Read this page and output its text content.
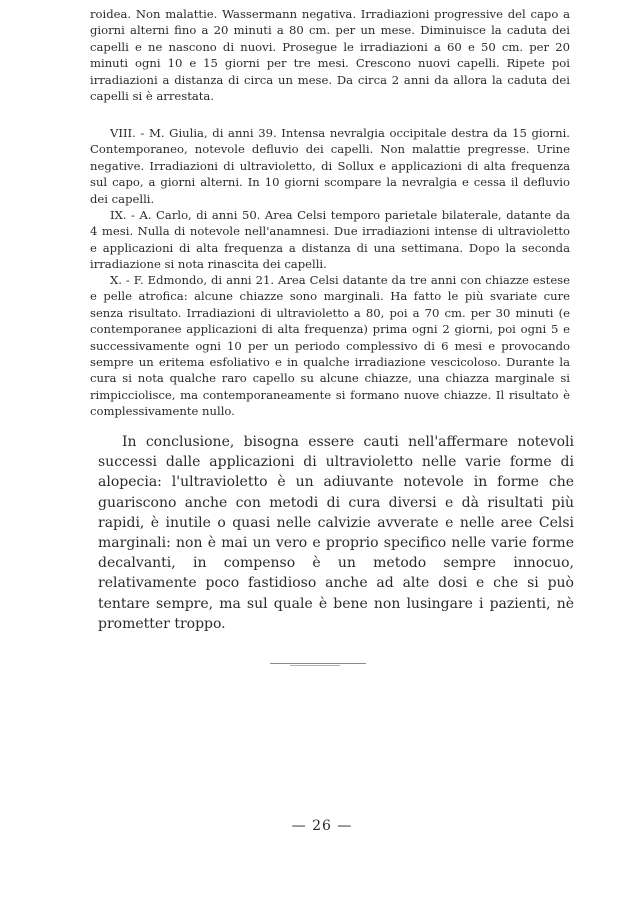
roidea. Non malattie. Wassermann negativa. Irradiazioni progressive del capo a giorni alterni fino a 20 minuti a 80 cm. per un mese. Diminuisce la caduta dei capelli e ne nascono di nuovi. Prosegue le irradiazioni a 60 e 50 cm. per 20 minuti ogni 10 e 15 giorni per tre mesi. Crescono nuovi capelli. Ripete poi irradiazioni a distanza di circa un mese. Da circa 2 anni da allora la caduta dei capelli si è arrestata.

VIII. - M. Giulia, di anni 39. Intensa nevralgia occipitale destra da 15 giorni. Contemporaneo, notevole defluvio dei capelli. Non malattie pregresse. Urine negative. Irradiazioni di ultravioletto, di Sollux e applicazioni di alta frequenza sul capo, a giorni alterni. In 10 giorni scompare la nevralgia e cessa il defluvio dei capelli.

IX. - A. Carlo, di anni 50. Area Celsi temporo parietale bilaterale, datante da 4 mesi. Nulla di notevole nell'anamnesi. Due irradiazioni intense di ultravioletto e applicazioni di alta frequenza a distanza di una settimana. Dopo la seconda irradiazione si nota rinascita dei capelli.

X. - F. Edmondo, di anni 21. Area Celsi datante da tre anni con chiazze estese e pelle atrofica: alcune chiazze sono marginali. Ha fatto le più svariate cure senza risultato. Irradiazioni di ultravioletto a 80, poi a 70 cm. per 30 minuti (e contemporanee applicazioni di alta frequenza) prima ogni 2 giorni, poi ogni 5 e successivamente ogni 10 per un periodo complessivo di 6 mesi e provocando sempre un eritema esfoliativo e in qualche irradiazione vescicoloso. Durante la cura si nota qualche raro capello su alcune chiazze, una chiazza marginale si rimpicciolisce, ma contemporaneamente si formano nuove chiazze. Il risultato è complessivamente nullo.

In conclusione, bisogna essere cauti nell'affermare notevoli successi dalle applicazioni di ultravioletto nelle varie forme di alopecia: l'ultravioletto è un adiuvante notevole in forme che guariscono anche con metodi di cura diversi e dà risultati più rapidi, è inutile o quasi nelle calvizie avverate e nelle aree Celsi marginali: non è mai un vero e proprio specifico nelle varie forme decalvanti, in compenso è un metodo sempre innocuo, relativamente poco fastidioso anche ad alte dosi e che si può tentare sempre, ma sul quale è bene non lusingare i pazienti, nè prometter troppo.

— 26 —
